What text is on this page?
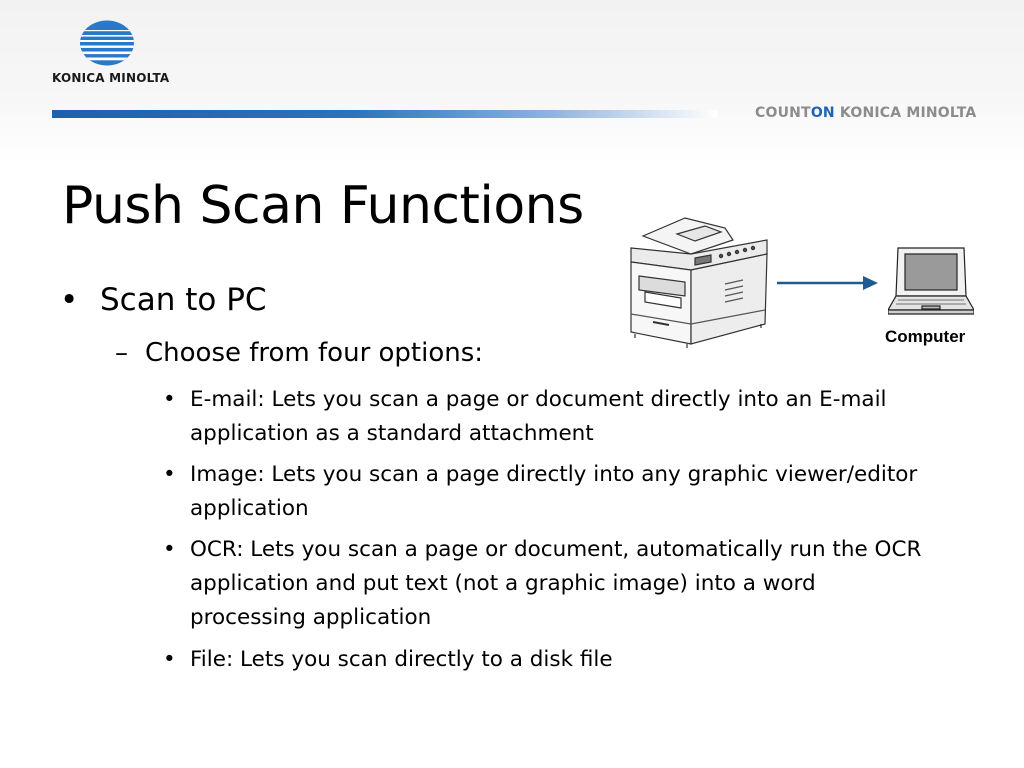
KONICA MINOLTA
COUNTON KONICA MINOLTA
Push Scan Functions
• Scan to PC
– Choose from four options:
• E-mail: Lets you scan a page or document directly into an E-mail application as a standard attachment
• Image: Lets you scan a page directly into any graphic viewer/editor application
• OCR: Lets you scan a page or document, automatically run the OCR application and put text (not a graphic image) into a word processing application
• File: Lets you scan directly to a disk file
Computer
